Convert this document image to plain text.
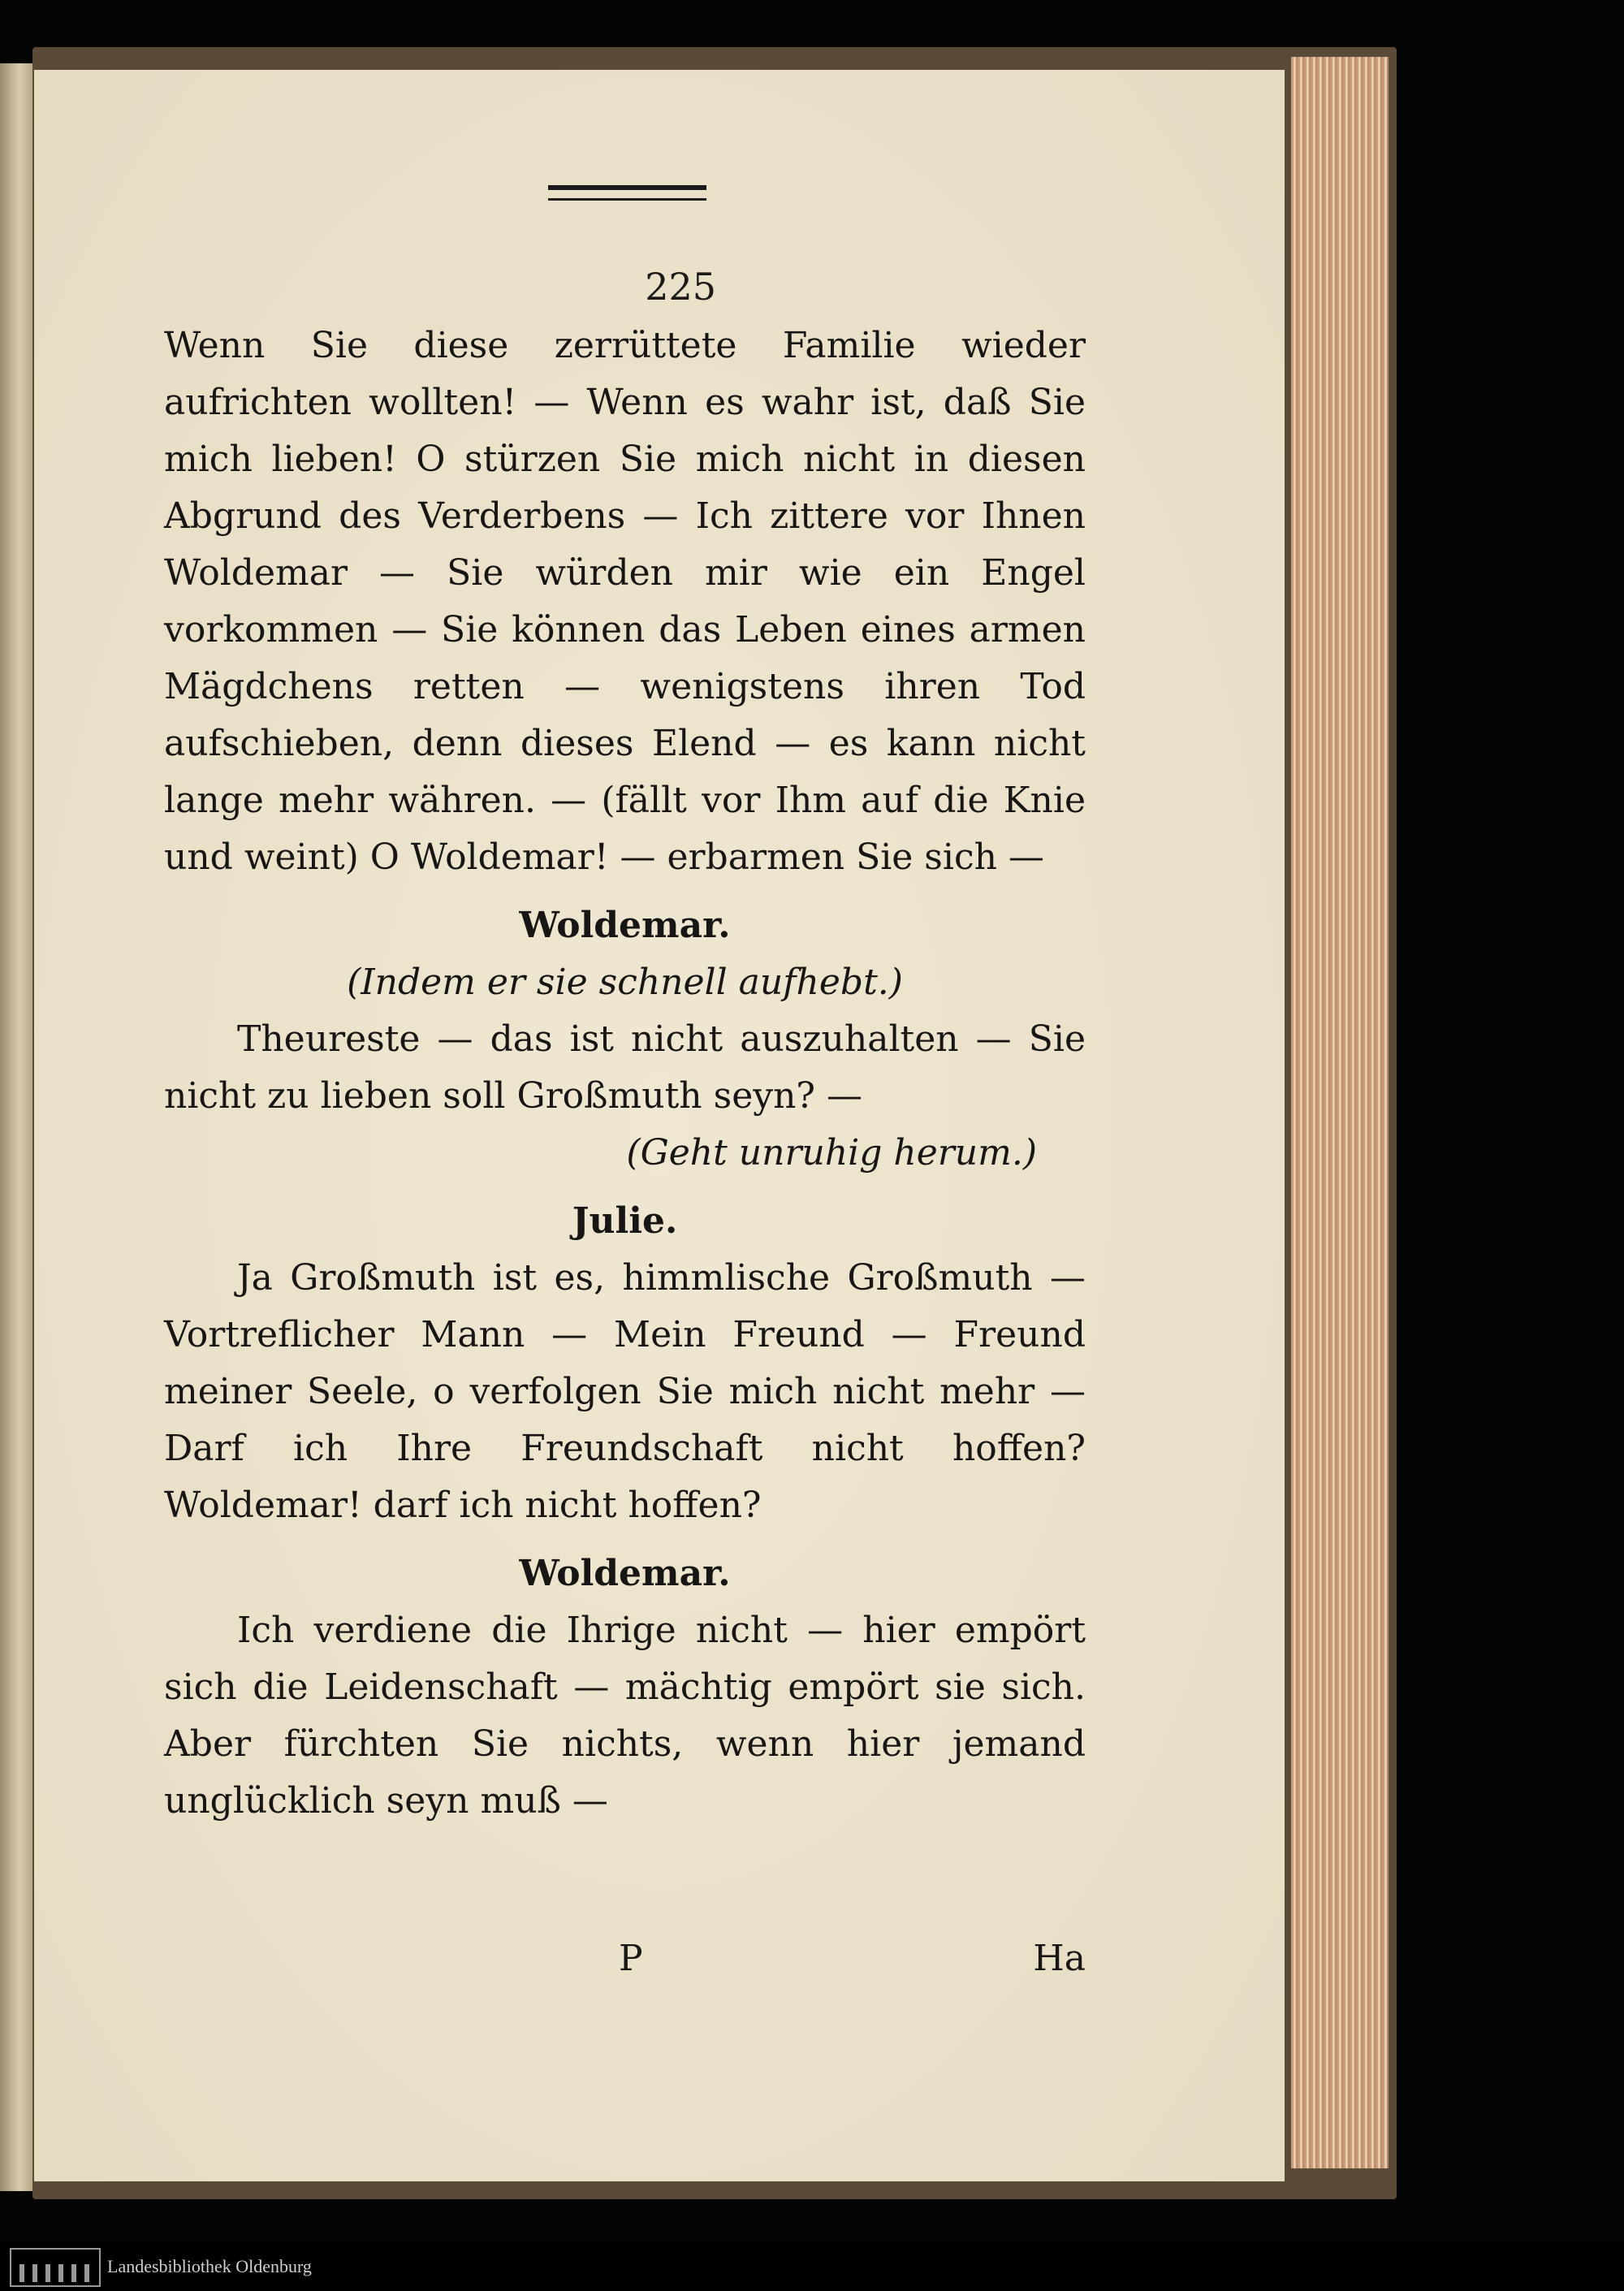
225

Wenn Sie diese zerrüttete Familie wieder aufrichten wollten! — Wenn es wahr ist, daß Sie mich lieben! O stürzen Sie mich nicht in diesen Abgrund des Verderbens — Ich zittere vor Ihnen Woldemar — Sie würden mir wie ein Engel vorkommen — Sie können das Leben eines armen Mägdchens retten — wenigstens ihren Tod aufschieben, denn dieses Elend — es kann nicht lange mehr währen. — (fällt vor Ihm auf die Knie und weint) O Woldemar! — erbarmen Sie sich —

Woldemar.

(Indem er sie schnell aufhebt.)

Theureste — das ist nicht auszuhalten — Sie nicht zu lieben soll Großmuth seyn? —

(Geht unruhig herum.)

Julie.

Ja Großmuth ist es, himmlische Großmuth — Vortreflicher Mann — Mein Freund — Freund meiner Seele, o verfolgen Sie mich nicht mehr — Darf ich Ihre Freundschaft nicht hoffen? Woldemar! darf ich nicht hoffen?

Woldemar.

Ich verdiene die Ihrige nicht — hier empört sich die Leidenschaft — mächtig empört sie sich. Aber fürchten Sie nichts, wenn hier jemand unglücklich seyn muß —

P	Ha
Landesbibliothek Oldenburg
